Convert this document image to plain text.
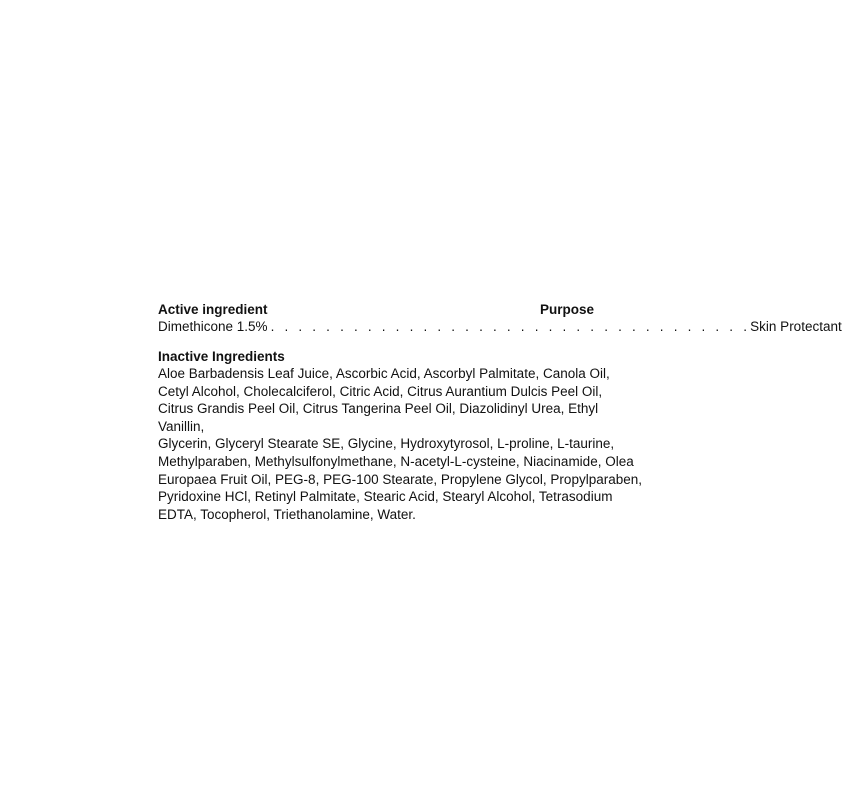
Active ingredient	Purpose
Dimethicone 1.5% . . . . . . . . . . . . . . . . . . . . . . . . . . . . . . . . . . . Skin Protectant
Inactive Ingredients
Aloe Barbadensis Leaf Juice, Ascorbic Acid, Ascorbyl Palmitate, Canola Oil,
Cetyl Alcohol, Cholecalciferol, Citric Acid, Citrus Aurantium Dulcis Peel Oil,
Citrus Grandis Peel Oil, Citrus Tangerina Peel Oil, Diazolidinyl Urea, Ethyl Vanillin,
Glycerin, Glyceryl Stearate SE, Glycine, Hydroxytyrosol, L-proline, L-taurine,
Methylparaben, Methylsulfonylmethane, N-acetyl-L-cysteine, Niacinamide, Olea
Europaea Fruit Oil, PEG-8, PEG-100 Stearate, Propylene Glycol, Propylparaben,
Pyridoxine HCl, Retinyl Palmitate, Stearic Acid, Stearyl Alcohol, Tetrasodium
EDTA, Tocopherol, Triethanolamine, Water.
